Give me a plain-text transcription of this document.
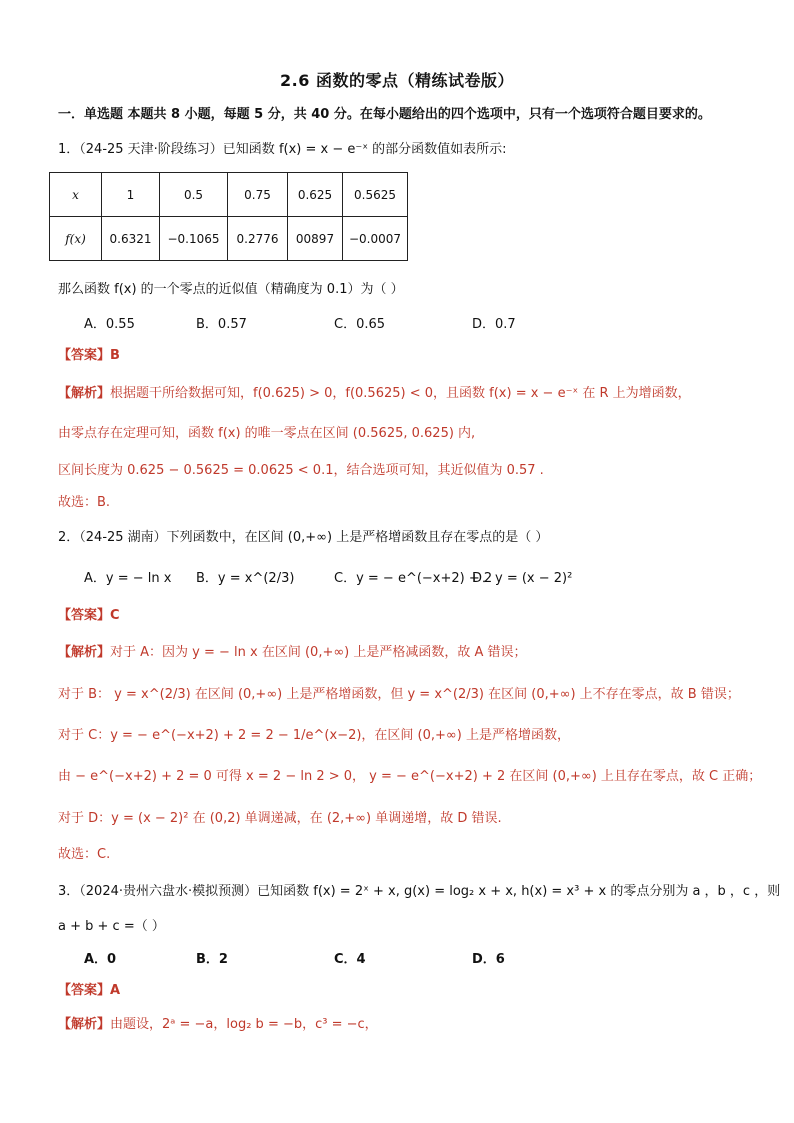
2.6 函数的零点（精练试卷版）
一．单选题 本题共 8 小题，每题 5 分，共 40 分。在每小题给出的四个选项中，只有一个选项符合题目要求的。
1．（24-25 天津·阶段练习）已知函数 f(x) = x − e⁻ˣ 的部分函数值如表所示:
x	1	0.5	0.75	0.625	0.5625
f(x)	0.6321	−0.1065	0.2776	00897	−0.0007
那么函数 f(x) 的一个零点的近似值（精确度为 0.1）为（ ）
A．0.55	B．0.57	C．0.65	D．0.7
【答案】B
【解析】根据题干所给数据可知，f(0.625) > 0，f(0.5625) < 0，且函数 f(x) = x − e⁻ˣ 在 R 上为增函数，
由零点存在定理可知，函数 f(x) 的唯一零点在区间 (0.5625, 0.625) 内,
区间长度为 0.625 − 0.5625 = 0.0625 < 0.1，结合选项可知，其近似值为 0.57 .
故选：B.
2．（24-25 湖南）下列函数中，在区间 (0,+∞) 上是严格增函数且存在零点的是（ ）
A．y = − ln x B．y = x^(2/3)	C．y = − e^(−x+2) + 2
D．y = (x − 2)²
【答案】C
【解析】对于 A：因为 y = − ln x 在区间 (0,+∞) 上是严格减函数，故 A 错误；
对于 B： y = x^(2/3) 在区间 (0,+∞) 上是严格增函数，但 y = x^(2/3) 在区间 (0,+∞) 上不存在零点，故 B 错误；
对于 C：y = − e^(−x+2) + 2 = 2 − 1/e^(x−2)，在区间 (0,+∞) 上是严格增函数，
由 − e^(−x+2) + 2 = 0 可得 x = 2 − ln 2 > 0， y = − e^(−x+2) + 2 在区间 (0,+∞) 上且存在零点，故 C 正确；
对于 D：y = (x − 2)² 在 (0,2) 单调递减，在 (2,+∞) 单调递增，故 D 错误.
故选：C.
3．（2024·贵州六盘水·模拟预测）已知函数 f(x) = 2ˣ + x, g(x) = log₂ x + x, h(x) = x³ + x 的零点分别为 a ，b ，c ，则
a + b + c =（ ）
A．0	B．2	C．4	D．6
【答案】A
【解析】由题设，2ᵃ = −a，log₂ b = −b，c³ = −c，
